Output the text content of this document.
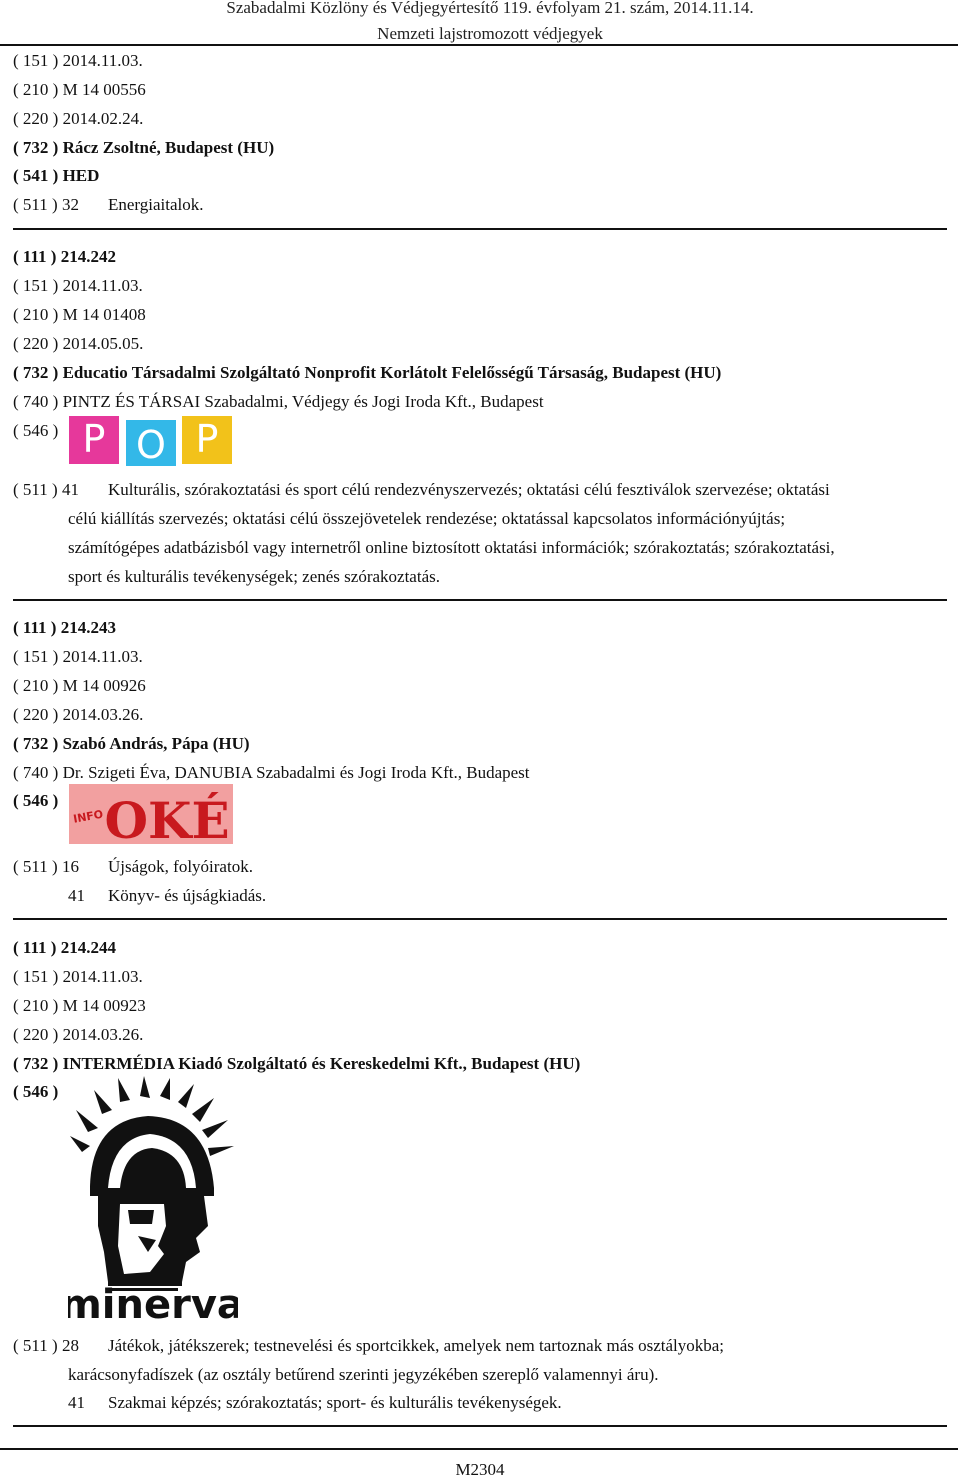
Szabadalmi Közlöny és Védjegyértesítő 119. évfolyam 21. szám, 2014.11.14.
Nemzeti lajstromozott védjegyek
( 151 ) 2014.11.03.
( 210 ) M 14 00556
( 220 ) 2014.02.24.
( 732 ) Rácz Zsoltné, Budapest (HU)
( 541 ) HED
( 511 ) 32 Energiaitalok.
( 111 ) 214.242
( 151 ) 2014.11.03.
( 210 ) M 14 01408
( 220 ) 2014.05.05.
( 732 ) Educatio Társadalmi Szolgáltató Nonprofit Korlátolt Felelősségű Társaság, Budapest (HU)
( 740 ) PINTZ ÉS TÁRSAI Szabadalmi, Védjegy és Jogi Iroda Kft., Budapest
( 546 ) P O P
( 511 ) 41 Kulturális, szórakoztatási és sport célú rendezvényszervezés; oktatási célú fesztiválok szervezése; oktatási
célú kiállítás szervezés; oktatási célú összejövetelek rendezése; oktatással kapcsolatos információnyújtás;
számítógépes adatbázisból vagy internetről online biztosított oktatási információk; szórakoztatás; szórakoztatási,
sport és kulturális tevékenységek; zenés szórakoztatás.
( 111 ) 214.243
( 151 ) 2014.11.03.
( 210 ) M 14 00926
( 220 ) 2014.03.26.
( 732 ) Szabó András, Pápa (HU)
( 740 ) Dr. Szigeti Éva, DANUBIA Szabadalmi és Jogi Iroda Kft., Budapest
( 546 )
INFO OKÉ
( 511 ) 16 Újságok, folyóiratok.
41 Könyv- és újságkiadás.
( 111 ) 214.244
( 151 ) 2014.11.03.
( 210 ) M 14 00923
( 220 ) 2014.03.26.
( 732 ) INTERMÉDIA Kiadó Szolgáltató és Kereskedelmi Kft., Budapest (HU)
( 546 )
minerva
( 511 ) 28 Játékok, játékszerek; testnevelési és sportcikkek, amelyek nem tartoznak más osztályokba;
karácsonyfadíszek (az osztály betűrend szerinti jegyzékében szereplő valamennyi áru).
41 Szakmai képzés; szórakoztatás; sport- és kulturális tevékenységek.
M2304
